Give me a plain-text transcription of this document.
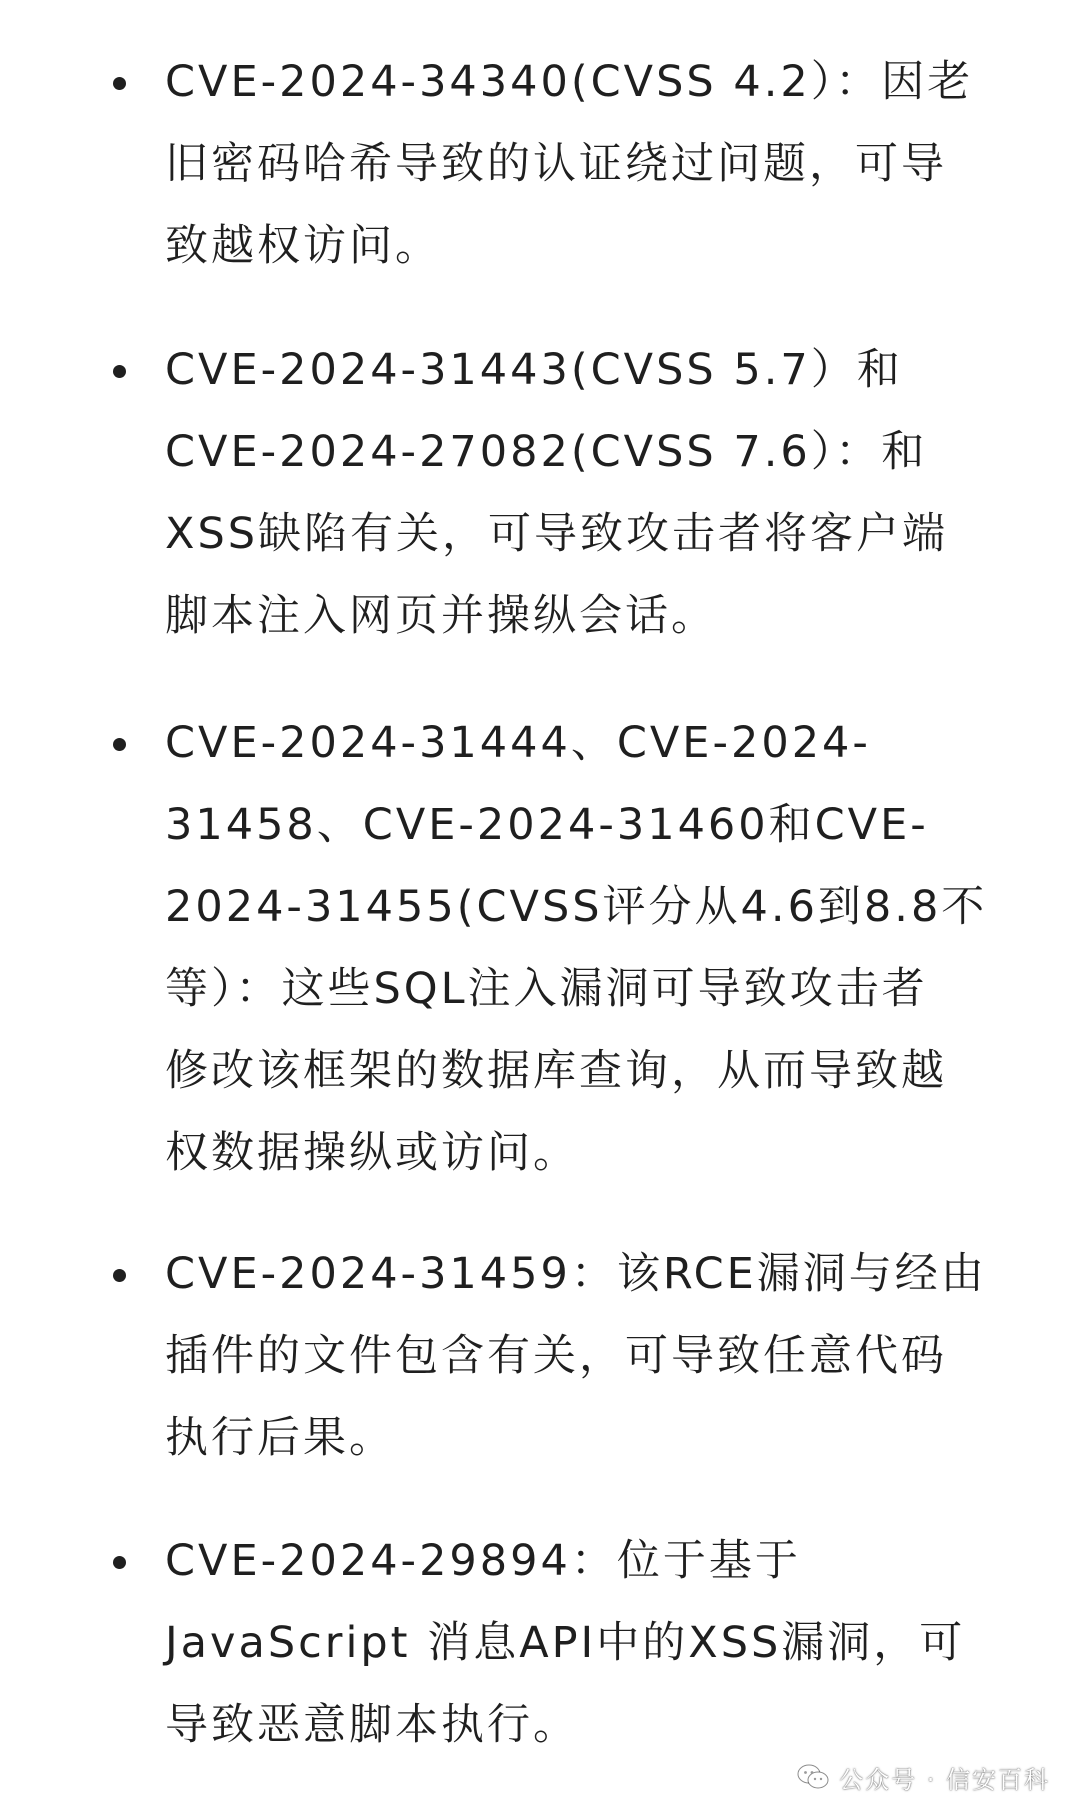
CVE-2024-34340(CVSS 4.2）：因老
旧密码哈希导致的认证绕过问题，可导
致越权访问。
CVE-2024-31443(CVSS 5.7）和
CVE-2024-27082(CVSS 7.6）：和
XSS缺陷有关，可导致攻击者将客户端
脚本注入网页并操纵会话。
CVE-2024-31444、CVE-2024-
31458、CVE-2024-31460和CVE-
2024-31455(CVSS评分从4.6到8.8不
等）：这些SQL注入漏洞可导致攻击者
修改该框架的数据库查询，从而导致越
权数据操纵或访问。
CVE-2024-31459：该RCE漏洞与经由
插件的文件包含有关，可导致任意代码
执行后果。
CVE-2024-29894：位于基于
JavaScript 消息API中的XSS漏洞，可
导致恶意脚本执行。
公众号 · 信安百科
